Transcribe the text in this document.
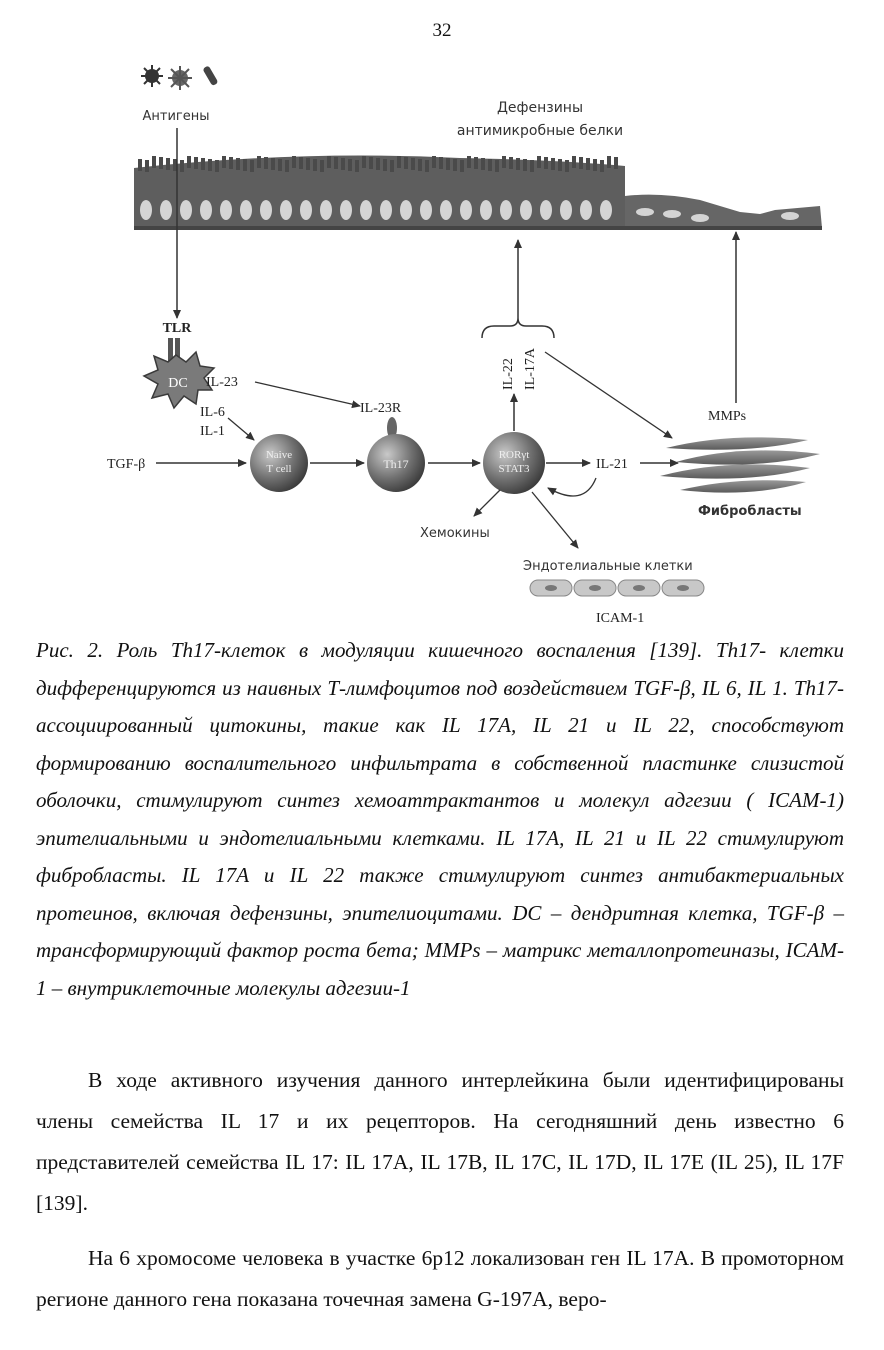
32
Антигены
Дефензины
антимикробные белки
TLR
DC IL-23
IL-23R
IL-6
IL-1
TGF-β
Naive
T cell	Th17
RORγt
STAT3
IL-22 IL-17A
IL-21
Хемокины
Эндотелиальные клетки
ICAM-1
MMPs
Фибробласты
Рис. 2. Роль Th17-клеток в модуляции кишечного воспаления [139]. Th17- клетки дифференцируются из наивных Т-лимфоцитов под воздействием TGF-β, IL 6, IL 1. Th17-ассоциированный цитокины, такие как IL 17A, IL 21 и IL 22, способствуют формированию воспалительного инфильтрата в собственной пластинке слизистой оболочки, стимулируют синтез хемоаттрактантов и молекул адгезии ( ICAM-1) эпителиальными и эндотелиальными клетками. IL 17A, IL 21 и IL 22 стимулируют фибробласты. IL 17A и IL 22 также стимулируют синтез антибактериальных протеинов, включая дефензины, эпителиоцитами. DC – дендритная клетка, TGF-β – трансформирующий фактор роста бета; MMPs – матрикс металлопротеиназы, ICAM-1 – внутриклеточные молекулы адгезии-1

В ходе активного изучения данного интерлейкина были идентифицированы члены семейства IL 17 и их рецепторов. На сегодняшний день известно 6 представителей семейства IL 17: IL 17A, IL 17B, IL 17C, IL 17D, IL 17E (IL 25), IL 17F [139].

На 6 хромосоме человека в участке 6р12 локализован ген IL 17A. В промоторном регионе данного гена показана точечная замена G-197A, веро-
